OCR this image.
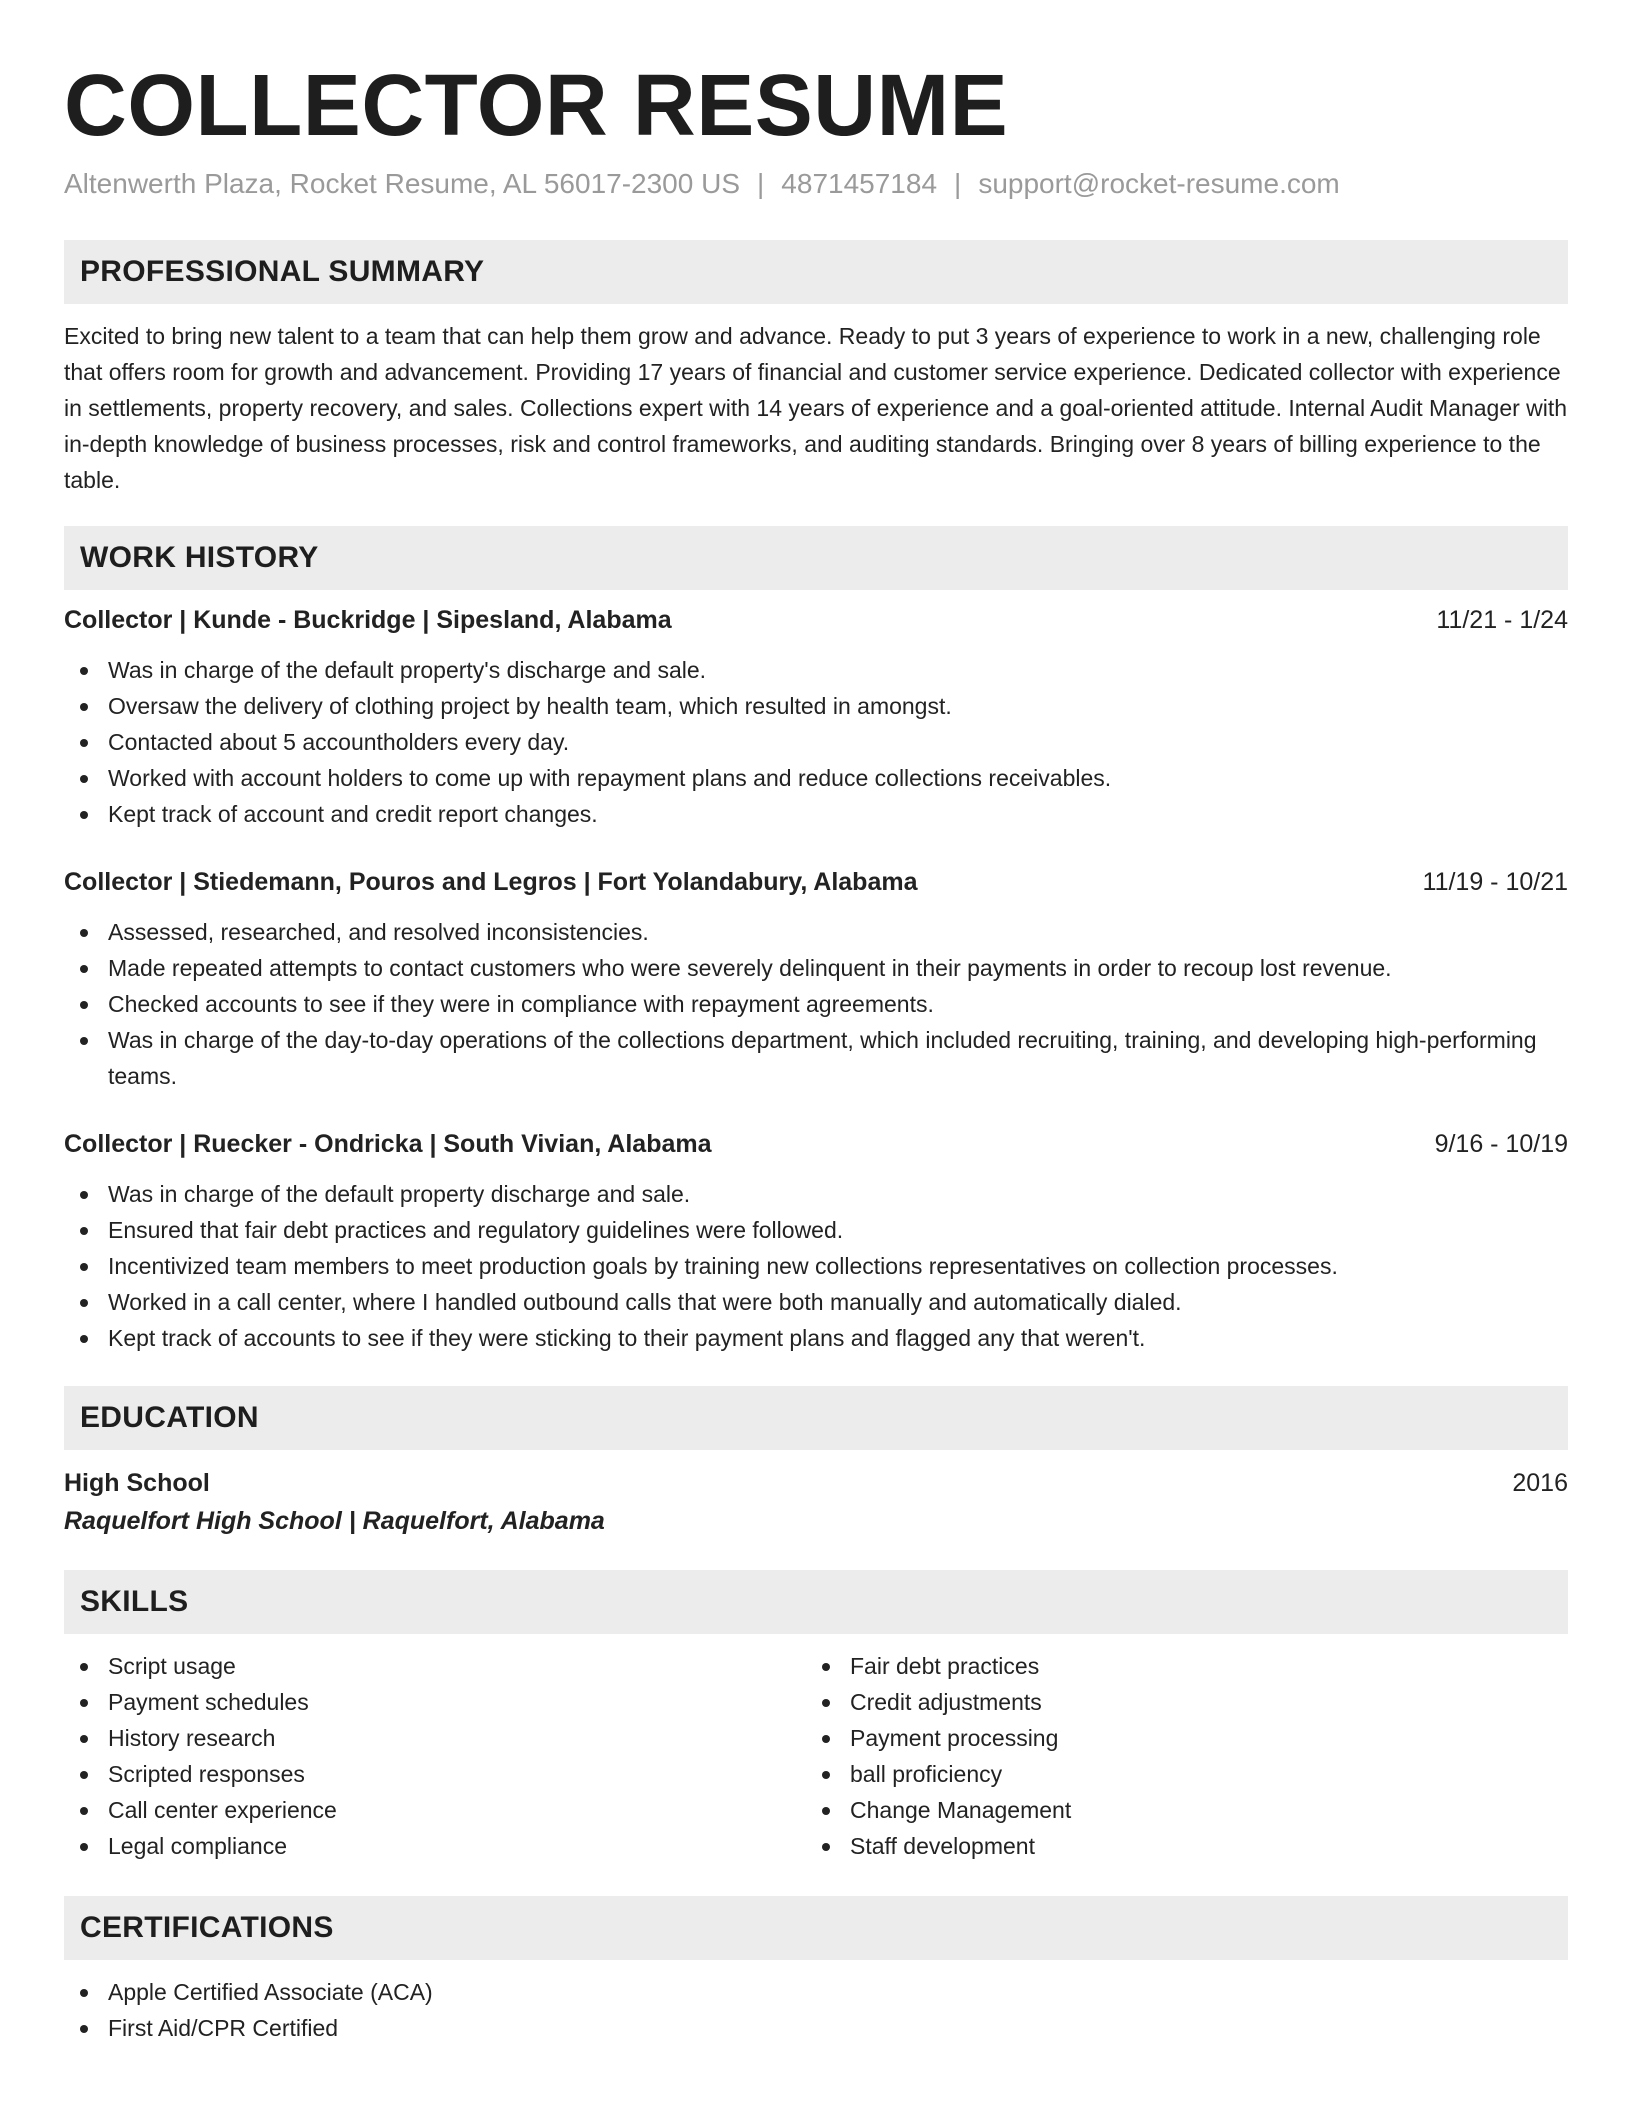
COLLECTOR RESUME
Altenwerth Plaza, Rocket Resume, AL 56017-2300 US | 4871457184 | support@rocket-resume.com
PROFESSIONAL SUMMARY

Excited to bring new talent to a team that can help them grow and advance. Ready to put 3 years of experience to work in a new, challenging role that offers room for growth and advancement. Providing 17 years of financial and customer service experience. Dedicated collector with experience in settlements, property recovery, and sales. Collections expert with 14 years of experience and a goal-oriented attitude. Internal Audit Manager with in-depth knowledge of business processes, risk and control frameworks, and auditing standards. Bringing over 8 years of billing experience to the table.

WORK HISTORY
Collector | Kunde - Buckridge | Sipesland, Alabama	11/21 - 1/24
Was in charge of the default property's discharge and sale.
Oversaw the delivery of clothing project by health team, which resulted in amongst.
Contacted about 5 accountholders every day.
Worked with account holders to come up with repayment plans and reduce collections receivables.
Kept track of account and credit report changes.
Collector | Stiedemann, Pouros and Legros | Fort Yolandabury, Alabama	11/19 - 10/21
Assessed, researched, and resolved inconsistencies.
Made repeated attempts to contact customers who were severely delinquent in their payments in order to recoup lost revenue.
Checked accounts to see if they were in compliance with repayment agreements.
Was in charge of the day-to-day operations of the collections department, which included recruiting, training, and developing high-performing teams.
Collector | Ruecker - Ondricka | South Vivian, Alabama	9/16 - 10/19
Was in charge of the default property discharge and sale.
Ensured that fair debt practices and regulatory guidelines were followed.
Incentivized team members to meet production goals by training new collections representatives on collection processes.
Worked in a call center, where I handled outbound calls that were both manually and automatically dialed.
Kept track of accounts to see if they were sticking to their payment plans and flagged any that weren't.
EDUCATION
High School	2016
Raquelfort High School | Raquelfort, Alabama
SKILLS
Script usage
Payment schedules
History research
Scripted responses
Call center experience
Legal compliance
Fair debt practices
Credit adjustments
Payment processing
ball proficiency
Change Management
Staff development
CERTIFICATIONS
Apple Certified Associate (ACA)
First Aid/CPR Certified
